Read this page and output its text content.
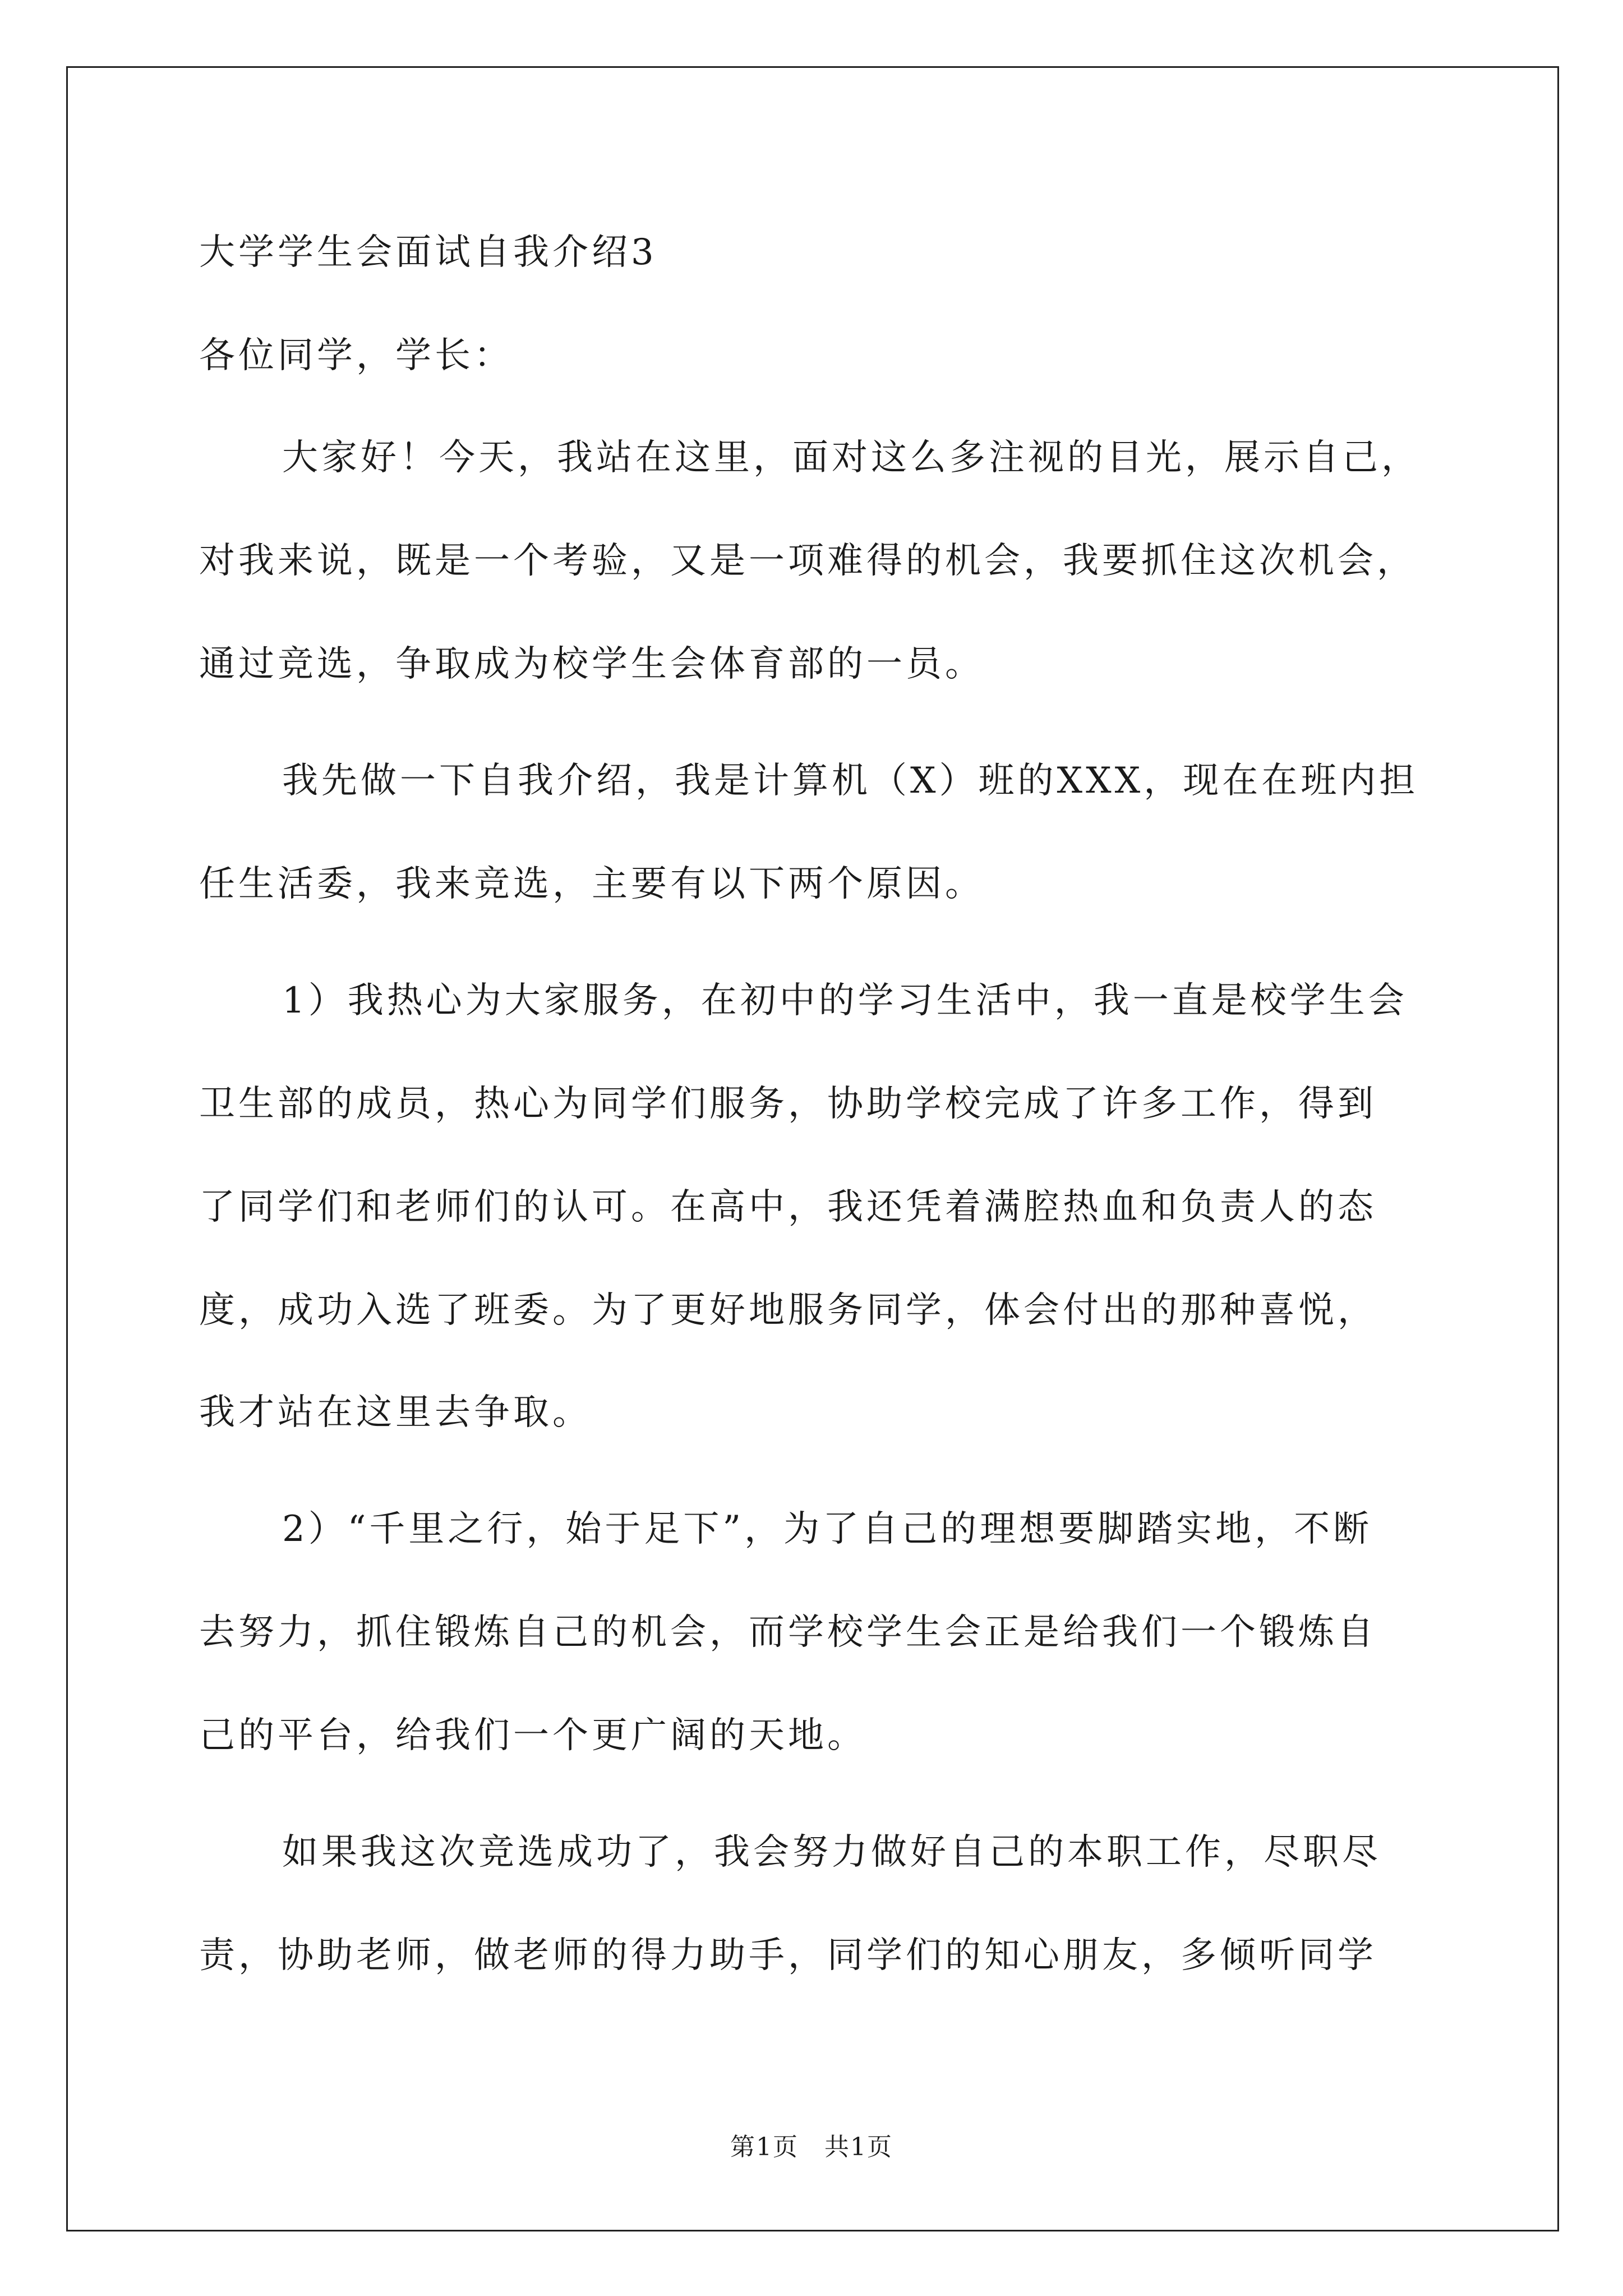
大学学生会面试自我介绍3
各位同学，学长：
大家好！今天，我站在这里，面对这么多注视的目光，展示自己，
对我来说，既是一个考验，又是一项难得的机会，我要抓住这次机会，
通过竞选，争取成为校学生会体育部的一员。
我先做一下自我介绍，我是计算机（X）班的XXX，现在在班内担
任生活委，我来竞选，主要有以下两个原因。
1）我热心为大家服务，在初中的学习生活中，我一直是校学生会
卫生部的成员，热心为同学们服务，协助学校完成了许多工作，得到
了同学们和老师们的认可。在高中，我还凭着满腔热血和负责人的态
度，成功入选了班委。为了更好地服务同学，体会付出的那种喜悦，
我才站在这里去争取。
2）“千里之行，始于足下”，为了自己的理想要脚踏实地，不断
去努力，抓住锻炼自己的机会，而学校学生会正是给我们一个锻炼自
己的平台，给我们一个更广阔的天地。
如果我这次竞选成功了，我会努力做好自己的本职工作，尽职尽
责，协助老师，做老师的得力助手，同学们的知心朋友，多倾听同学
第1页　共1页
